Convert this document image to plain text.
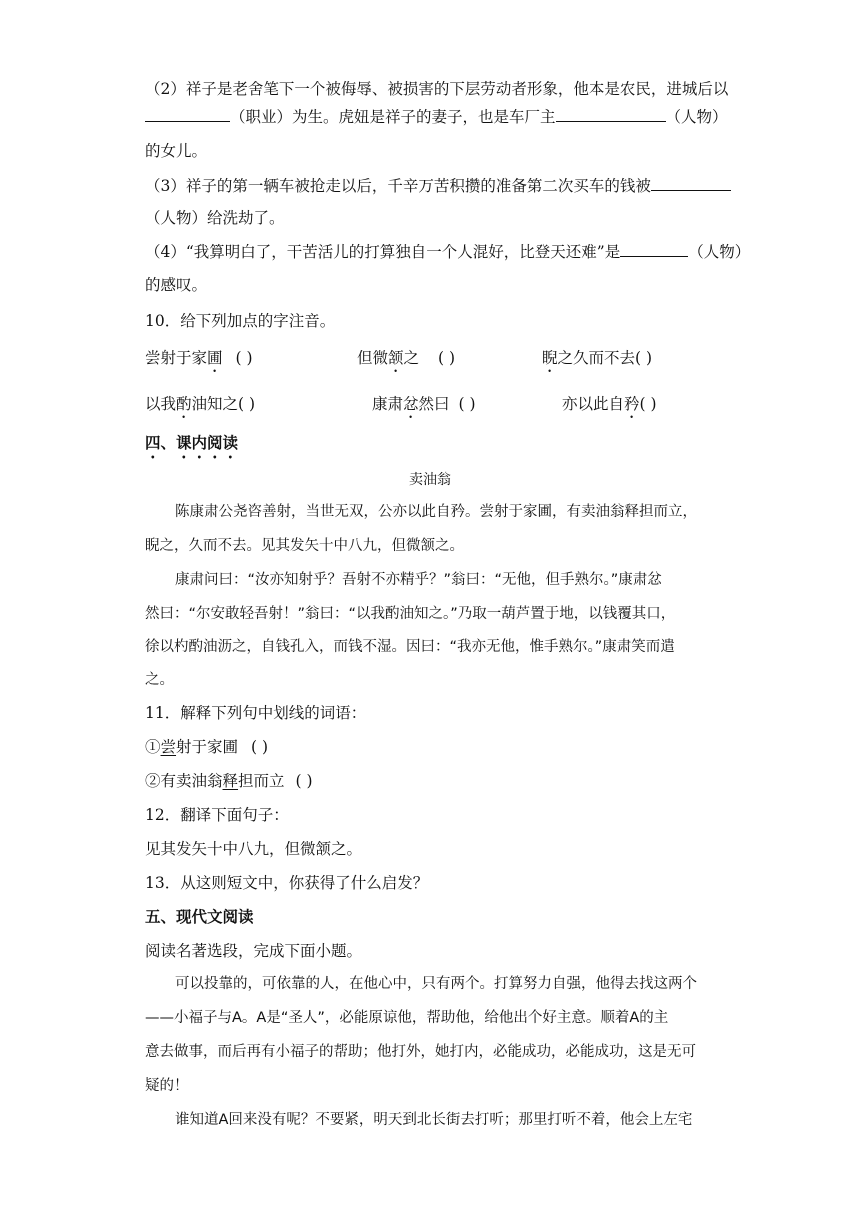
（2）祥子是老舍笔下一个被侮辱、被损害的下层劳动者形象，他本是农民，进城后以
（职业）为生。虎妞是祥子的妻子，也是车厂主	（人物）
的女儿。
（3）祥子的第一辆车被抢走以后，千辛万苦积攒的准备第二次买车的钱被
（人物）给洗劫了。
（4）“我算明白了，干苦活儿的打算独自一个人混好，比登天还难”是	（人物）
的感叹。
10．给下列加点的字注音。
尝射于家圃 ( )	但微颔之 ( )	睨之久而不去( )
以我酌油知之( )	康肃忿然曰 ( )	亦以此自矜( )
四、课内阅读
卖油翁
陈康肃公尧咨善射，当世无双，公亦以此自矜。尝射于家圃，有卖油翁释担而立，
睨之，久而不去。见其发矢十中八九，但微颔之。
康肃问曰：“汝亦知射乎？吾射不亦精乎？”翁曰：“无他，但手熟尔。”康肃忿
然曰：“尔安敢轻吾射！”翁曰：“以我酌油知之。”乃取一葫芦置于地，以钱覆其口，
徐以杓酌油沥之，自钱孔入，而钱不湿。因曰：“我亦无他，惟手熟尔。”康肃笑而遣
之。
11．解释下列句中划线的词语：
①尝射于家圃 ( )
②有卖油翁释担而立 ( )
12．翻译下面句子：
见其发矢十中八九，但微颔之。
13．从这则短文中，你获得了什么启发？
五、现代文阅读
阅读名著选段，完成下面小题。
可以投靠的，可依靠的人，在他心中，只有两个。打算努力自强，他得去找这两个
——小福子与A。A是“圣人”，必能原谅他，帮助他，给他出个好主意。顺着A的主
意去做事，而后再有小福子的帮助；他打外，她打内，必能成功，必能成功，这是无可
疑的！
谁知道A回来没有呢？不要紧，明天到北长街去打听；那里打听不着，他会上左宅
